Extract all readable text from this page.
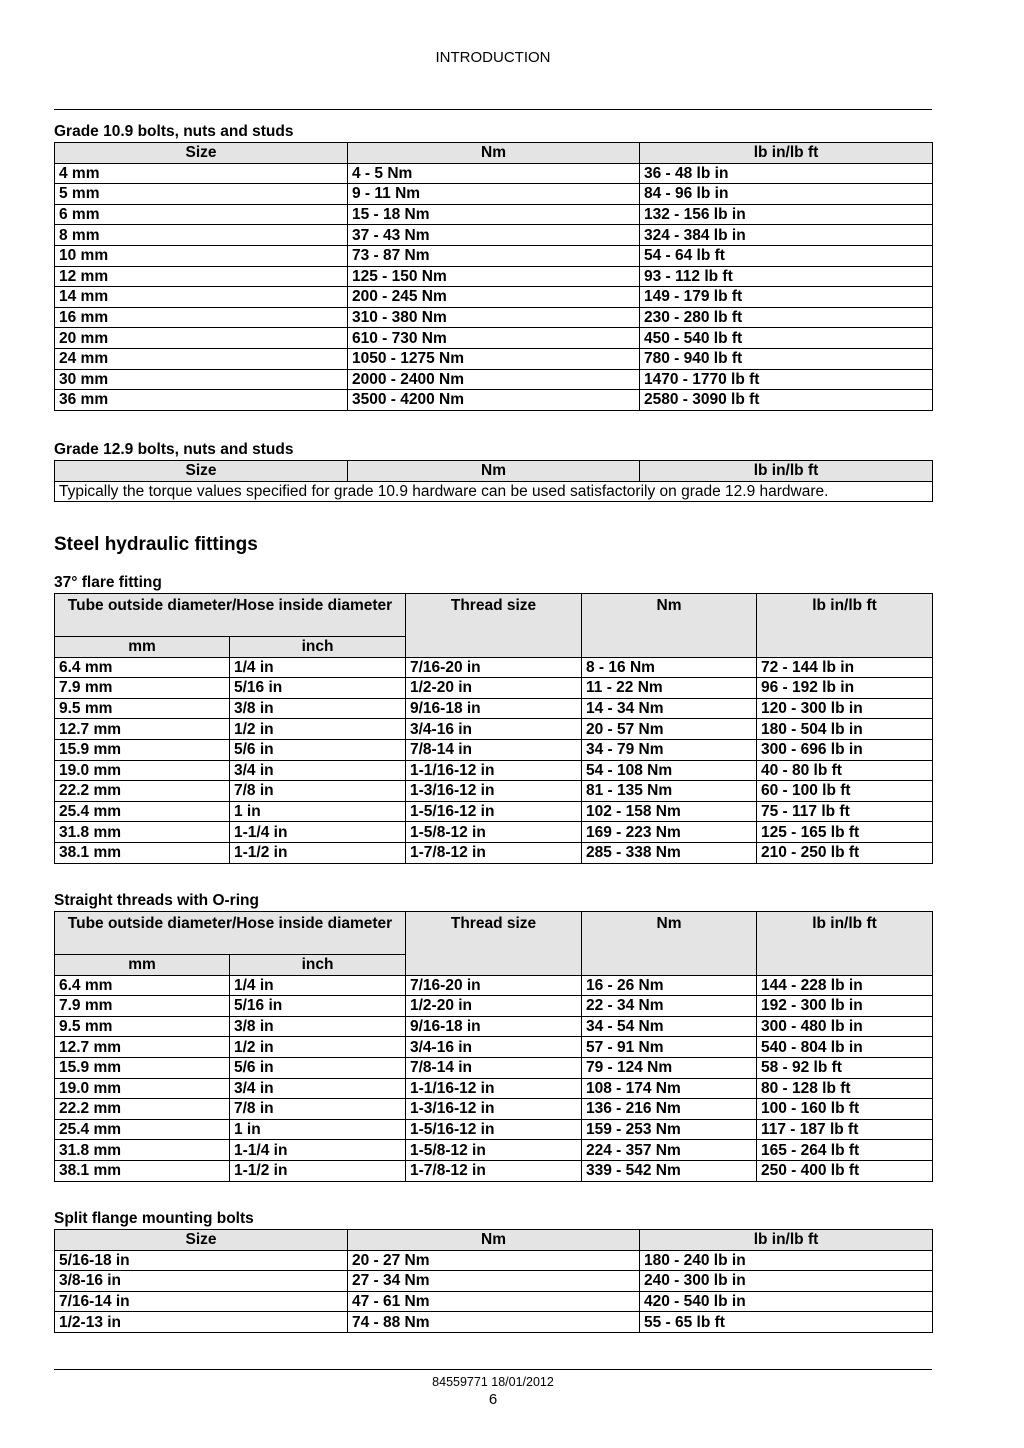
INTRODUCTION
Grade 10.9 bolts, nuts and studs
Size	Nm	lb in/lb ft
4 mm	4 - 5 Nm	36 - 48 lb in
5 mm	9 - 11 Nm	84 - 96 lb in
6 mm	15 - 18 Nm	132 - 156 lb in
8 mm	37 - 43 Nm	324 - 384 lb in
10 mm	73 - 87 Nm	54 - 64 lb ft
12 mm	125 - 150 Nm	93 - 112 lb ft
14 mm	200 - 245 Nm	149 - 179 lb ft
16 mm	310 - 380 Nm	230 - 280 lb ft
20 mm	610 - 730 Nm	450 - 540 lb ft
24 mm	1050 - 1275 Nm	780 - 940 lb ft
30 mm	2000 - 2400 Nm	1470 - 1770 lb ft
36 mm	3500 - 4200 Nm	2580 - 3090 lb ft
Grade 12.9 bolts, nuts and studs
Size	Nm	lb in/lb ft
Typically the torque values specified for grade 10.9 hardware can be used satisfactorily on grade 12.9 hardware.
Steel hydraulic fittings
37° flare fitting
Tube outside diameter/Hose inside diameter		Thread size	Nm	lb in/lb ft
mm	inch			
6.4 mm	1/4 in	7/16-20 in	8 - 16 Nm	72 - 144 lb in
7.9 mm	5/16 in	1/2-20 in	11 - 22 Nm	96 - 192 lb in
9.5 mm	3/8 in	9/16-18 in	14 - 34 Nm	120 - 300 lb in
12.7 mm	1/2 in	3/4-16 in	20 - 57 Nm	180 - 504 lb in
15.9 mm	5/6 in	7/8-14 in	34 - 79 Nm	300 - 696 lb in
19.0 mm	3/4 in	1-1/16-12 in	54 - 108 Nm	40 - 80 lb ft
22.2 mm	7/8 in	1-3/16-12 in	81 - 135 Nm	60 - 100 lb ft
25.4 mm	1 in	1-5/16-12 in	102 - 158 Nm	75 - 117 lb ft
31.8 mm	1-1/4 in	1-5/8-12 in	169 - 223 Nm	125 - 165 lb ft
38.1 mm	1-1/2 in	1-7/8-12 in	285 - 338 Nm	210 - 250 lb ft
Straight threads with O-ring
Tube outside diameter/Hose inside diameter		Thread size	Nm	lb in/lb ft
mm	inch			
6.4 mm	1/4 in	7/16-20 in	16 - 26 Nm	144 - 228 lb in
7.9 mm	5/16 in	1/2-20 in	22 - 34 Nm	192 - 300 lb in
9.5 mm	3/8 in	9/16-18 in	34 - 54 Nm	300 - 480 lb in
12.7 mm	1/2 in	3/4-16 in	57 - 91 Nm	540 - 804 lb in
15.9 mm	5/6 in	7/8-14 in	79 - 124 Nm	58 - 92 lb ft
19.0 mm	3/4 in	1-1/16-12 in	108 - 174 Nm	80 - 128 lb ft
22.2 mm	7/8 in	1-3/16-12 in	136 - 216 Nm	100 - 160 lb ft
25.4 mm	1 in	1-5/16-12 in	159 - 253 Nm	117 - 187 lb ft
31.8 mm	1-1/4 in	1-5/8-12 in	224 - 357 Nm	165 - 264 lb ft
38.1 mm	1-1/2 in	1-7/8-12 in	339 - 542 Nm	250 - 400 lb ft
Split flange mounting bolts
Size	Nm	lb in/lb ft
5/16-18 in	20 - 27 Nm	180 - 240 lb in
3/8-16 in	27 - 34 Nm	240 - 300 lb in
7/16-14 in	47 - 61 Nm	420 - 540 lb in
1/2-13 in	74 - 88 Nm	55 - 65 lb ft
84559771 18/01/2012
6
